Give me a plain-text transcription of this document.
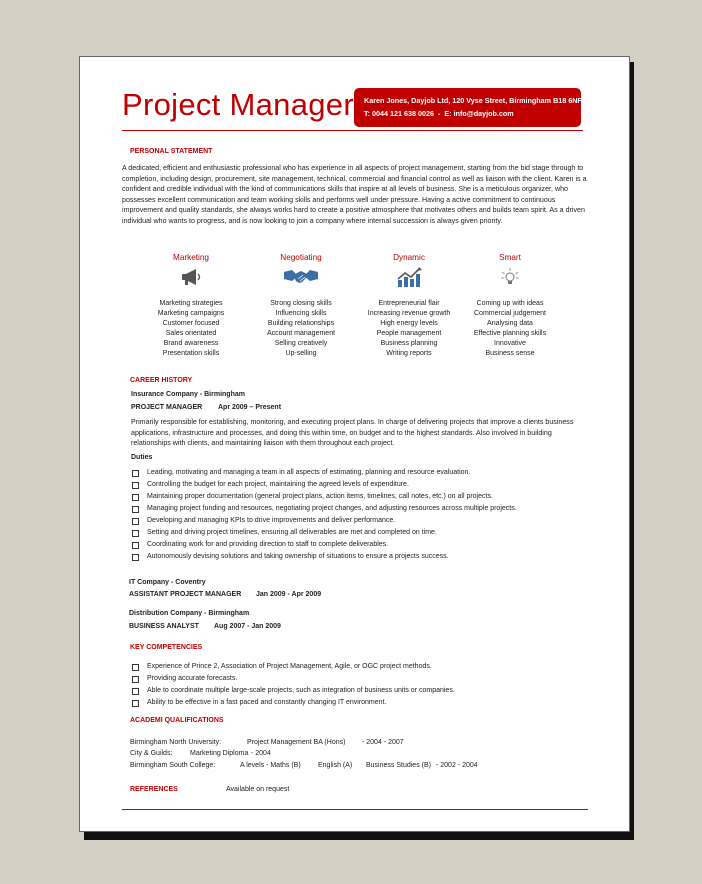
Project Manager Karen Jones, Dayjob Ltd, 120 Vyse Street, Birmingham B18 6NF
T: 0044 121 638 0026 - E: info@dayjob.com
PERSONAL STATEMENT
A dedicated, efficient and enthusiastic professional who has experience in all aspects of project management, starting from the bid stage through to completion, including design, procurement, site management, technical, commercial and financial control as well as liaison with the client. Karen is a confident and credible individual with the kind of communications skills that inspire at all levels of business. She is a meticulous organizer, who possesses excellent communication and team working skills and performs well under pressure. Having a active commitment to continuous improvement and quality standards, she always works hard to create a positive atmosphere that motivates others and builds team spirit. As a driven individual who wants to progress, and is now looking to join a company where internal succession is always given priority.
Marketing
Marketing strategies
Marketing campaigns
Customer focused
Sales orientated
Brand awareness
Presentation skills
Negotiating
Strong closing skills
Influencing skills
Building relationships
Account management
Selling creatively
Up-selling
Dynamic
Entrepreneurial flair
Increasing revenue growth
High energy levels
People management
Business planning
Writing reports
Smart
Coming up with ideas
Commercial judgement
Analysing data
Effective planning skills
Innovative
Business sense
CAREER HISTORY
Insurance Company - Birmingham
PROJECT MANAGER Apr 2009 – Present
Primarily responsible for establishing, monitoring, and executing project plans. In charge of delivering projects that improve a clients business applications, infrastructure and processes, and doing this within time, on budget and to the highest standards. Also involved in building relationships with clients, and maintaining liaison with them throughout each project.
Duties
Leading, motivating and managing a team in all aspects of estimating, planning and resource evaluation.
Controlling the budget for each project, maintaining the agreed levels of expenditure.
Maintaining proper documentation (general project plans, action items, timelines, call notes, etc.) on all projects.
Managing project funding and resources, negotiating project changes, and adjusting resources across multiple projects.
Developing and managing KPIs to drive improvements and deliver performance.
Setting and driving project timelines, ensuring all deliverables are met and completed on time.
Coordinating work for and providing direction to staff to complete deliverables.
Autonomously devising solutions and taking ownership of situations to ensure a projects success.
IT Company - Coventry
ASSISTANT PROJECT MANAGER Jan 2009 - Apr 2009
Distribution Company - Birmingham
BUSINESS ANALYST Aug 2007 - Jan 2009
KEY COMPETENCIES
Experience of Prince 2, Association of Project Management, Agile, or OGC project methods.
Providing accurate forecasts.
Able to coordinate multiple large-scale projects, such as integration of business units or companies.
Ability to be effective in a fast paced and constantly changing IT environment.
ACADEMI QUALIFICATIONS
Birmingham North University:	Project Management BA (Hons) - 2004 - 2007
City & Guilds:	Marketing Diploma - 2004
Birmingham South College:	A levels - Maths (B) English (A) Business Studies (B) - 2002 - 2004
REFERENCES	Available on request
